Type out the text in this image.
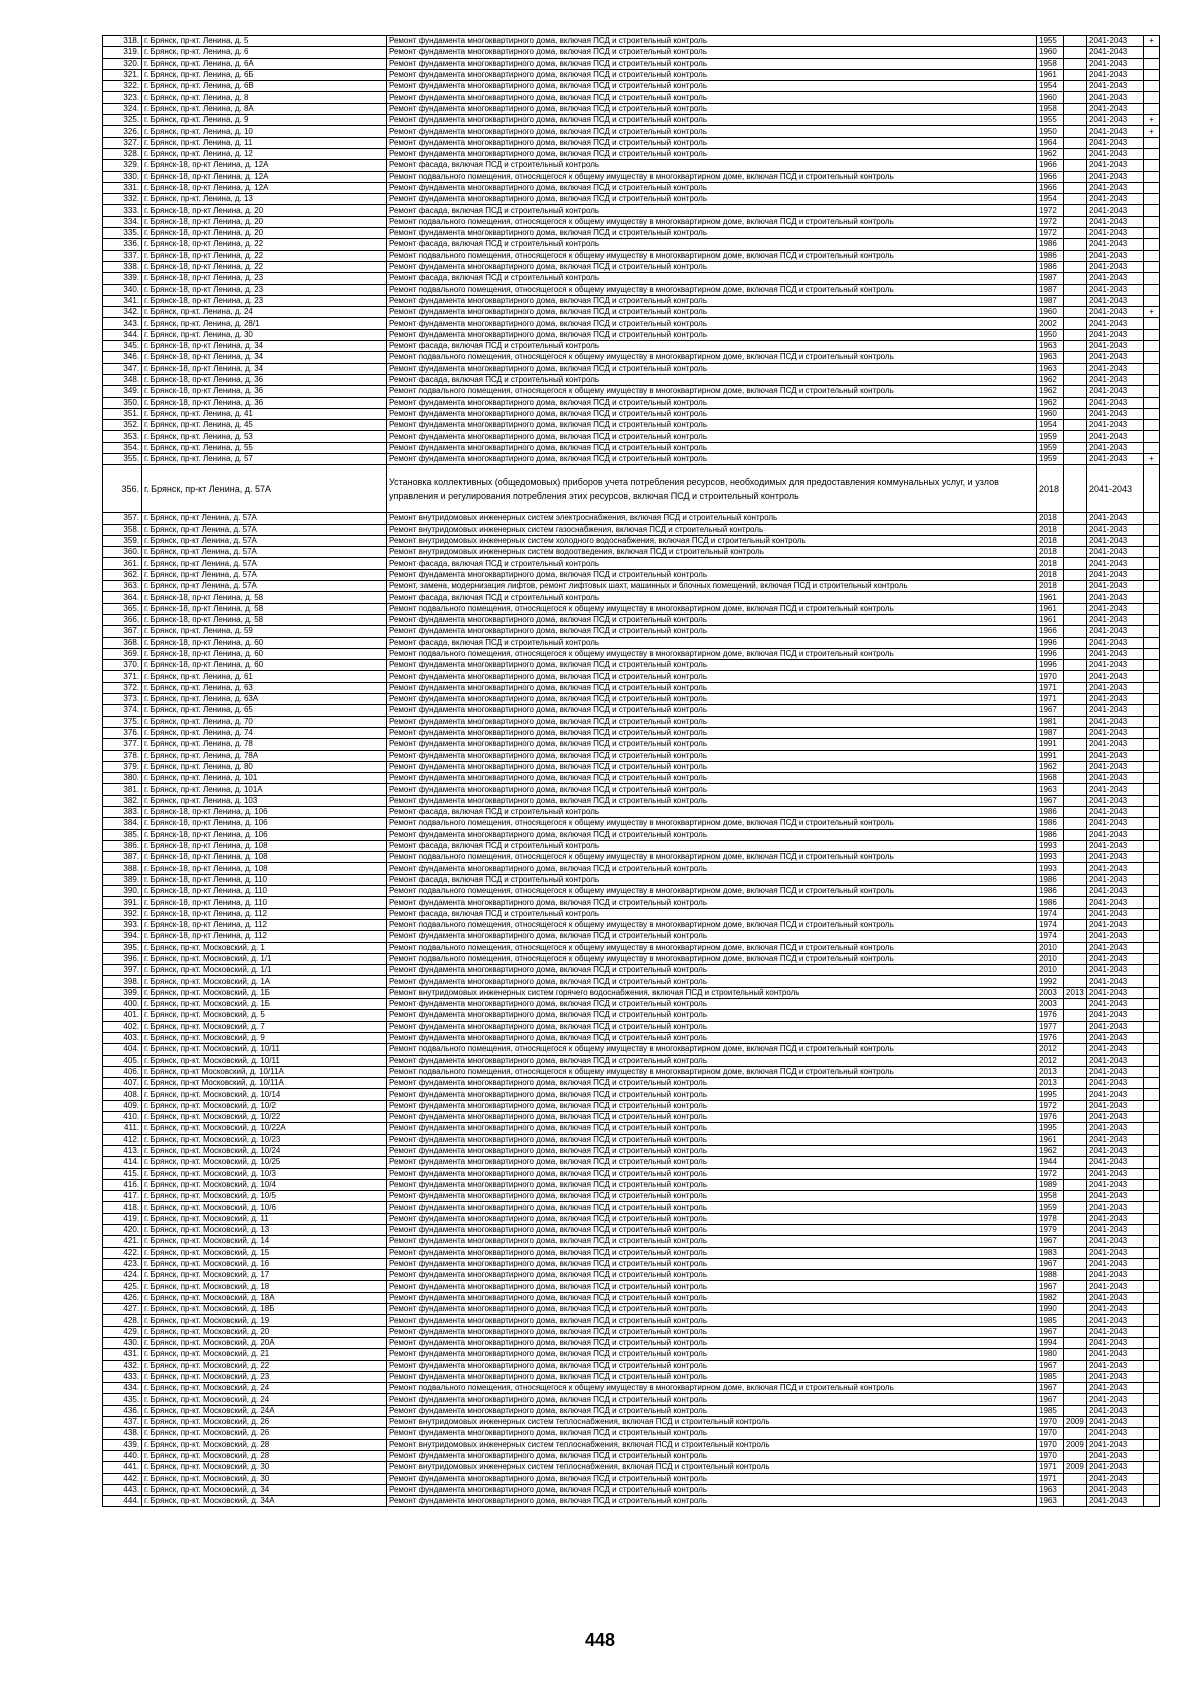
318.	г. Брянск, пр-кт. Ленина, д. 5	Ремонт фундамента многоквартирного дома, включая ПСД и строительный контроль	1955		2041-2043	+
319.	г. Брянск, пр-кт. Ленина, д. 6	Ремонт фундамента многоквартирного дома, включая ПСД и строительный контроль	1960		2041-2043	
320.	г. Брянск, пр-кт. Ленина, д. 6А	Ремонт фундамента многоквартирного дома, включая ПСД и строительный контроль	1958		2041-2043	
321.	г. Брянск, пр-кт. Ленина, д. 6Б	Ремонт фундамента многоквартирного дома, включая ПСД и строительный контроль	1961		2041-2043	
322.	г. Брянск, пр-кт. Ленина, д. 6В	Ремонт фундамента многоквартирного дома, включая ПСД и строительный контроль	1954		2041-2043	
323.	г. Брянск, пр-кт. Ленина, д. 8	Ремонт фундамента многоквартирного дома, включая ПСД и строительный контроль	1960		2041-2043	
324.	г. Брянск, пр-кт. Ленина, д. 8А	Ремонт фундамента многоквартирного дома, включая ПСД и строительный контроль	1958		2041-2043	
325.	г. Брянск, пр-кт. Ленина, д. 9	Ремонт фундамента многоквартирного дома, включая ПСД и строительный контроль	1955		2041-2043	+
326.	г. Брянск, пр-кт. Ленина, д. 10	Ремонт фундамента многоквартирного дома, включая ПСД и строительный контроль	1950		2041-2043	+
327.	г. Брянск, пр-кт. Ленина, д. 11	Ремонт фундамента многоквартирного дома, включая ПСД и строительный контроль	1964		2041-2043	
328.	г. Брянск, пр-кт. Ленина, д. 12	Ремонт фундамента многоквартирного дома, включая ПСД и строительный контроль	1962		2041-2043	
329.	г. Брянск-18, пр-кт Ленина, д. 12А	Ремонт фасада, включая ПСД и строительный контроль	1966		2041-2043	
330.	г. Брянск-18, пр-кт Ленина, д. 12А	Ремонт подвального помещения, относящегося к общему имуществу в многоквартирном доме, включая ПСД и строительный контроль	1966		2041-2043	
331.	г. Брянск-18, пр-кт Ленина, д. 12А	Ремонт фундамента многоквартирного дома, включая ПСД и строительный контроль	1966		2041-2043	
332.	г. Брянск, пр-кт. Ленина, д. 13	Ремонт фундамента многоквартирного дома, включая ПСД и строительный контроль	1954		2041-2043	
333.	г. Брянск-18, пр-кт Ленина, д. 20	Ремонт фасада, включая ПСД и строительный контроль	1972		2041-2043	
334.	г. Брянск-18, пр-кт Ленина, д. 20	Ремонт подвального помещения, относящегося к общему имуществу в многоквартирном доме, включая ПСД и строительный контроль	1972		2041-2043	
335.	г. Брянск-18, пр-кт Ленина, д. 20	Ремонт фундамента многоквартирного дома, включая ПСД и строительный контроль	1972		2041-2043	
336.	г. Брянск-18, пр-кт Ленина, д. 22	Ремонт фасада, включая ПСД и строительный контроль	1986		2041-2043	
337.	г. Брянск-18, пр-кт Ленина, д. 22	Ремонт подвального помещения, относящегося к общему имуществу в многоквартирном доме, включая ПСД и строительный контроль	1986		2041-2043	
338.	г. Брянск-18, пр-кт Ленина, д. 22	Ремонт фундамента многоквартирного дома, включая ПСД и строительный контроль	1986		2041-2043	
339.	г. Брянск-18, пр-кт Ленина, д. 23	Ремонт фасада, включая ПСД и строительный контроль	1987		2041-2043	
340.	г. Брянск-18, пр-кт Ленина, д. 23	Ремонт подвального помещения, относящегося к общему имуществу в многоквартирном доме, включая ПСД и строительный контроль	1987		2041-2043	
341.	г. Брянск-18, пр-кт Ленина, д. 23	Ремонт фундамента многоквартирного дома, включая ПСД и строительный контроль	1987		2041-2043	
342.	г. Брянск, пр-кт. Ленина, д. 24	Ремонт фундамента многоквартирного дома, включая ПСД и строительный контроль	1960		2041-2043	+
343.	г. Брянск, пр-кт. Ленина, д. 28/1	Ремонт фундамента многоквартирного дома, включая ПСД и строительный контроль	2002		2041-2043	
344.	г. Брянск, пр-кт. Ленина, д. 30	Ремонт фундамента многоквартирного дома, включая ПСД и строительный контроль	1950		2041-2043	
345.	г. Брянск-18, пр-кт Ленина, д. 34	Ремонт фасада, включая ПСД и строительный контроль	1963		2041-2043	
346.	г. Брянск-18, пр-кт Ленина, д. 34	Ремонт подвального помещения, относящегося к общему имуществу в многоквартирном доме, включая ПСД и строительный контроль	1963		2041-2043	
347.	г. Брянск-18, пр-кт Ленина, д. 34	Ремонт фундамента многоквартирного дома, включая ПСД и строительный контроль	1963		2041-2043	
348.	г. Брянск-18, пр-кт Ленина, д. 36	Ремонт фасада, включая ПСД и строительный контроль	1962		2041-2043	
349.	г. Брянск-18, пр-кт Ленина, д. 36	Ремонт подвального помещения, относящегося к общему имуществу в многоквартирном доме, включая ПСД и строительный контроль	1962		2041-2043	
350.	г. Брянск-18, пр-кт Ленина, д. 36	Ремонт фундамента многоквартирного дома, включая ПСД и строительный контроль	1962		2041-2043	
351.	г. Брянск, пр-кт. Ленина, д. 41	Ремонт фундамента многоквартирного дома, включая ПСД и строительный контроль	1960		2041-2043	
352.	г. Брянск, пр-кт. Ленина, д. 45	Ремонт фундамента многоквартирного дома, включая ПСД и строительный контроль	1954		2041-2043	
353.	г. Брянск, пр-кт. Ленина, д. 53	Ремонт фундамента многоквартирного дома, включая ПСД и строительный контроль	1959		2041-2043	
354.	г. Брянск, пр-кт. Ленина, д. 55	Ремонт фундамента многоквартирного дома, включая ПСД и строительный контроль	1959		2041-2043	
355.	г. Брянск, пр-кт. Ленина, д. 57	Ремонт фундамента многоквартирного дома, включая ПСД и строительный контроль	1959		2041-2043	+
356.	г. Брянск, пр-кт Ленина, д. 57А	Установка коллективных (общедомовых) приборов учета потребления ресурсов, необходимых для предоставления коммунальных услуг, и узлов управления и регулирования потребления этих ресурсов, включая ПСД и строительный контроль	2018		2041-2043	
357.	г. Брянск, пр-кт Ленина, д. 57А	Ремонт внутридомовых инженерных систем электроснабжения, включая ПСД и строительный контроль	2018		2041-2043	
358.	г. Брянск, пр-кт Ленина, д. 57А	Ремонт внутридомовых инженерных систем газоснабжения, включая ПСД и строительный контроль	2018		2041-2043	
359.	г. Брянск, пр-кт Ленина, д. 57А	Ремонт внутридомовых инженерных систем холодного водоснабжения, включая ПСД и строительный контроль	2018		2041-2043	
360.	г. Брянск, пр-кт Ленина, д. 57А	Ремонт внутридомовых инженерных систем водоотведения, включая ПСД и строительный контроль	2018		2041-2043	
361.	г. Брянск, пр-кт Ленина, д. 57А	Ремонт фасада, включая ПСД и строительный контроль	2018		2041-2043	
362.	г. Брянск, пр-кт Ленина, д. 57А	Ремонт фундамента многоквартирного дома, включая ПСД и строительный контроль	2018		2041-2043	
363.	г. Брянск, пр-кт Ленина, д. 57А	Ремонт, замена, модернизация лифтов, ремонт лифтовых шахт, машинных и блочных помещений, включая ПСД и строительный контроль	2018		2041-2043	
364.	г. Брянск-18, пр-кт Ленина, д. 58	Ремонт фасада, включая ПСД и строительный контроль	1961		2041-2043	
365.	г. Брянск-18, пр-кт Ленина, д. 58	Ремонт подвального помещения, относящегося к общему имуществу в многоквартирном доме, включая ПСД и строительный контроль	1961		2041-2043	
366.	г. Брянск-18, пр-кт Ленина, д. 58	Ремонт фундамента многоквартирного дома, включая ПСД и строительный контроль	1961		2041-2043	
367.	г. Брянск, пр-кт. Ленина, д. 59	Ремонт фундамента многоквартирного дома, включая ПСД и строительный контроль	1966		2041-2043	
368.	г. Брянск-18, пр-кт Ленина, д. 60	Ремонт фасада, включая ПСД и строительный контроль	1996		2041-2043	
369.	г. Брянск-18, пр-кт Ленина, д. 60	Ремонт подвального помещения, относящегося к общему имуществу в многоквартирном доме, включая ПСД и строительный контроль	1996		2041-2043	
370.	г. Брянск-18, пр-кт Ленина, д. 60	Ремонт фундамента многоквартирного дома, включая ПСД и строительный контроль	1996		2041-2043	
371.	г. Брянск, пр-кт. Ленина, д. 61	Ремонт фундамента многоквартирного дома, включая ПСД и строительный контроль	1970		2041-2043	
372.	г. Брянск, пр-кт. Ленина, д. 63	Ремонт фундамента многоквартирного дома, включая ПСД и строительный контроль	1971		2041-2043	
373.	г. Брянск, пр-кт. Ленина, д. 63А	Ремонт фундамента многоквартирного дома, включая ПСД и строительный контроль	1971		2041-2043	
374.	г. Брянск, пр-кт. Ленина, д. 65	Ремонт фундамента многоквартирного дома, включая ПСД и строительный контроль	1967		2041-2043	
375.	г. Брянск, пр-кт. Ленина, д. 70	Ремонт фундамента многоквартирного дома, включая ПСД и строительный контроль	1981		2041-2043	
376.	г. Брянск, пр-кт. Ленина, д. 74	Ремонт фундамента многоквартирного дома, включая ПСД и строительный контроль	1987		2041-2043	
377.	г. Брянск, пр-кт. Ленина, д. 78	Ремонт фундамента многоквартирного дома, включая ПСД и строительный контроль	1991		2041-2043	
378.	г. Брянск, пр-кт. Ленина, д. 78А	Ремонт фундамента многоквартирного дома, включая ПСД и строительный контроль	1991		2041-2043	
379.	г. Брянск, пр-кт. Ленина, д. 80	Ремонт фундамента многоквартирного дома, включая ПСД и строительный контроль	1962		2041-2043	
380.	г. Брянск, пр-кт. Ленина, д. 101	Ремонт фундамента многоквартирного дома, включая ПСД и строительный контроль	1968		2041-2043	
381.	г. Брянск, пр-кт. Ленина, д. 101А	Ремонт фундамента многоквартирного дома, включая ПСД и строительный контроль	1963		2041-2043	
382.	г. Брянск, пр-кт. Ленина, д. 103	Ремонт фундамента многоквартирного дома, включая ПСД и строительный контроль	1967		2041-2043	
383.	г. Брянск-18, пр-кт Ленина, д. 106	Ремонт фасада, включая ПСД и строительный контроль	1986		2041-2043	
384.	г. Брянск-18, пр-кт Ленина, д. 106	Ремонт подвального помещения, относящегося к общему имуществу в многоквартирном доме, включая ПСД и строительный контроль	1986		2041-2043	
385.	г. Брянск-18, пр-кт Ленина, д. 106	Ремонт фундамента многоквартирного дома, включая ПСД и строительный контроль	1986		2041-2043	
386.	г. Брянск-18, пр-кт Ленина, д. 108	Ремонт фасада, включая ПСД и строительный контроль	1993		2041-2043	
387.	г. Брянск-18, пр-кт Ленина, д. 108	Ремонт подвального помещения, относящегося к общему имуществу в многоквартирном доме, включая ПСД и строительный контроль	1993		2041-2043	
388.	г. Брянск-18, пр-кт Ленина, д. 108	Ремонт фундамента многоквартирного дома, включая ПСД и строительный контроль	1993		2041-2043	
389.	г. Брянск-18, пр-кт Ленина, д. 110	Ремонт фасада, включая ПСД и строительный контроль	1986		2041-2043	
390.	г. Брянск-18, пр-кт Ленина, д. 110	Ремонт подвального помещения, относящегося к общему имуществу в многоквартирном доме, включая ПСД и строительный контроль	1986		2041-2043	
391.	г. Брянск-18, пр-кт Ленина, д. 110	Ремонт фундамента многоквартирного дома, включая ПСД и строительный контроль	1986		2041-2043	
392.	г. Брянск-18, пр-кт Ленина, д. 112	Ремонт фасада, включая ПСД и строительный контроль	1974		2041-2043	
393.	г. Брянск-18, пр-кт Ленина, д. 112	Ремонт подвального помещения, относящегося к общему имуществу в многоквартирном доме, включая ПСД и строительный контроль	1974		2041-2043	
394.	г. Брянск-18, пр-кт Ленина, д. 112	Ремонт фундамента многоквартирного дома, включая ПСД и строительный контроль	1974		2041-2043	
395.	г. Брянск, пр-кт. Московский, д. 1	Ремонт подвального помещения, относящегося к общему имуществу в многоквартирном доме, включая ПСД и строительный контроль	2010		2041-2043	
396.	г. Брянск, пр-кт. Московский, д. 1/1	Ремонт подвального помещения, относящегося к общему имуществу в многоквартирном доме, включая ПСД и строительный контроль	2010		2041-2043	
397.	г. Брянск, пр-кт. Московский, д. 1/1	Ремонт фундамента многоквартирного дома, включая ПСД и строительный контроль	2010		2041-2043	
398.	г. Брянск, пр-кт. Московский, д. 1А	Ремонт фундамента многоквартирного дома, включая ПСД и строительный контроль	1992		2041-2043	
399.	г. Брянск, пр-кт. Московский, д. 1Б	Ремонт внутридомовых инженерных систем горячего водоснабжения, включая ПСД и строительный контроль	2003	2013	2041-2043	
400.	г. Брянск, пр-кт. Московский, д. 1Б	Ремонт фундамента многоквартирного дома, включая ПСД и строительный контроль	2003		2041-2043	
401.	г. Брянск, пр-кт. Московский, д. 5	Ремонт фундамента многоквартирного дома, включая ПСД и строительный контроль	1976		2041-2043	
402.	г. Брянск, пр-кт. Московский, д. 7	Ремонт фундамента многоквартирного дома, включая ПСД и строительный контроль	1977		2041-2043	
403.	г. Брянск, пр-кт. Московский, д. 9	Ремонт фундамента многоквартирного дома, включая ПСД и строительный контроль	1976		2041-2043	
404.	г. Брянск, пр-кт. Московский, д. 10/11	Ремонт подвального помещения, относящегося к общему имуществу в многоквартирном доме, включая ПСД и строительный контроль	2012		2041-2043	
405.	г. Брянск, пр-кт. Московский, д. 10/11	Ремонт фундамента многоквартирного дома, включая ПСД и строительный контроль	2012		2041-2043	
406.	г. Брянск, пр-кт Московский, д. 10/11А	Ремонт подвального помещения, относящегося к общему имуществу в многоквартирном доме, включая ПСД и строительный контроль	2013		2041-2043	
407.	г. Брянск, пр-кт Московский, д. 10/11А	Ремонт фундамента многоквартирного дома, включая ПСД и строительный контроль	2013		2041-2043	
408.	г. Брянск, пр-кт. Московский, д. 10/14	Ремонт фундамента многоквартирного дома, включая ПСД и строительный контроль	1995		2041-2043	
409.	г. Брянск, пр-кт. Московский, д. 10/2	Ремонт фундамента многоквартирного дома, включая ПСД и строительный контроль	1972		2041-2043	
410.	г. Брянск, пр-кт. Московский, д. 10/22	Ремонт фундамента многоквартирного дома, включая ПСД и строительный контроль	1976		2041-2043	
411.	г. Брянск, пр-кт. Московский, д. 10/22А	Ремонт фундамента многоквартирного дома, включая ПСД и строительный контроль	1995		2041-2043	
412.	г. Брянск, пр-кт. Московский, д. 10/23	Ремонт фундамента многоквартирного дома, включая ПСД и строительный контроль	1961		2041-2043	
413.	г. Брянск, пр-кт. Московский, д. 10/24	Ремонт фундамента многоквартирного дома, включая ПСД и строительный контроль	1962		2041-2043	
414.	г. Брянск, пр-кт. Московский, д. 10/25	Ремонт фундамента многоквартирного дома, включая ПСД и строительный контроль	1944		2041-2043	
415.	г. Брянск, пр-кт. Московский, д. 10/3	Ремонт фундамента многоквартирного дома, включая ПСД и строительный контроль	1972		2041-2043	
416.	г. Брянск, пр-кт. Московский, д. 10/4	Ремонт фундамента многоквартирного дома, включая ПСД и строительный контроль	1989		2041-2043	
417.	г. Брянск, пр-кт. Московский, д. 10/5	Ремонт фундамента многоквартирного дома, включая ПСД и строительный контроль	1958		2041-2043	
418.	г. Брянск, пр-кт. Московский, д. 10/6	Ремонт фундамента многоквартирного дома, включая ПСД и строительный контроль	1959		2041-2043	
419.	г. Брянск, пр-кт. Московский, д. 11	Ремонт фундамента многоквартирного дома, включая ПСД и строительный контроль	1978		2041-2043	
420.	г. Брянск, пр-кт. Московский, д. 13	Ремонт фундамента многоквартирного дома, включая ПСД и строительный контроль	1979		2041-2043	
421.	г. Брянск, пр-кт. Московский, д. 14	Ремонт фундамента многоквартирного дома, включая ПСД и строительный контроль	1967		2041-2043	
422.	г. Брянск, пр-кт. Московский, д. 15	Ремонт фундамента многоквартирного дома, включая ПСД и строительный контроль	1983		2041-2043	
423.	г. Брянск, пр-кт. Московский, д. 16	Ремонт фундамента многоквартирного дома, включая ПСД и строительный контроль	1967		2041-2043	
424.	г. Брянск, пр-кт. Московский, д. 17	Ремонт фундамента многоквартирного дома, включая ПСД и строительный контроль	1988		2041-2043	
425.	г. Брянск, пр-кт. Московский, д. 18	Ремонт фундамента многоквартирного дома, включая ПСД и строительный контроль	1967		2041-2043	
426.	г. Брянск, пр-кт. Московский, д. 18А	Ремонт фундамента многоквартирного дома, включая ПСД и строительный контроль	1982		2041-2043	
427.	г. Брянск, пр-кт. Московский, д. 18Б	Ремонт фундамента многоквартирного дома, включая ПСД и строительный контроль	1990		2041-2043	
428.	г. Брянск, пр-кт. Московский, д. 19	Ремонт фундамента многоквартирного дома, включая ПСД и строительный контроль	1985		2041-2043	
429.	г. Брянск, пр-кт. Московский, д. 20	Ремонт фундамента многоквартирного дома, включая ПСД и строительный контроль	1967		2041-2043	
430.	г. Брянск, пр-кт. Московский, д. 20А	Ремонт фундамента многоквартирного дома, включая ПСД и строительный контроль	1994		2041-2043	
431.	г. Брянск, пр-кт. Московский, д. 21	Ремонт фундамента многоквартирного дома, включая ПСД и строительный контроль	1980		2041-2043	
432.	г. Брянск, пр-кт. Московский, д. 22	Ремонт фундамента многоквартирного дома, включая ПСД и строительный контроль	1967		2041-2043	
433.	г. Брянск, пр-кт. Московский, д. 23	Ремонт фундамента многоквартирного дома, включая ПСД и строительный контроль	1985		2041-2043	
434.	г. Брянск, пр-кт. Московский, д. 24	Ремонт подвального помещения, относящегося к общему имуществу в многоквартирном доме, включая ПСД и строительный контроль	1967		2041-2043	
435.	г. Брянск, пр-кт. Московский, д. 24	Ремонт фундамента многоквартирного дома, включая ПСД и строительный контроль	1967		2041-2043	
436.	г. Брянск, пр-кт. Московский, д. 24А	Ремонт фундамента многоквартирного дома, включая ПСД и строительный контроль	1985		2041-2043	
437.	г. Брянск, пр-кт. Московский, д. 26	Ремонт внутридомовых инженерных систем теплоснабжения, включая ПСД и строительный контроль	1970	2009	2041-2043	
438.	г. Брянск, пр-кт. Московский, д. 26	Ремонт фундамента многоквартирного дома, включая ПСД и строительный контроль	1970		2041-2043	
439.	г. Брянск, пр-кт. Московский, д. 28	Ремонт внутридомовых инженерных систем теплоснабжения, включая ПСД и строительный контроль	1970	2009	2041-2043	
440.	г. Брянск, пр-кт. Московский, д. 28	Ремонт фундамента многоквартирного дома, включая ПСД и строительный контроль	1970		2041-2043	
441.	г. Брянск, пр-кт. Московский, д. 30	Ремонт внутридомовых инженерных систем теплоснабжения, включая ПСД и строительный контроль	1971	2009	2041-2043	
442.	г. Брянск, пр-кт. Московский, д. 30	Ремонт фундамента многоквартирного дома, включая ПСД и строительный контроль	1971		2041-2043	
443.	г. Брянск, пр-кт. Московский, д. 34	Ремонт фундамента многоквартирного дома, включая ПСД и строительный контроль	1963		2041-2043	
444.	г. Брянск, пр-кт. Московский, д. 34А	Ремонт фундамента многоквартирного дома, включая ПСД и строительный контроль	1963		2041-2043	
448
